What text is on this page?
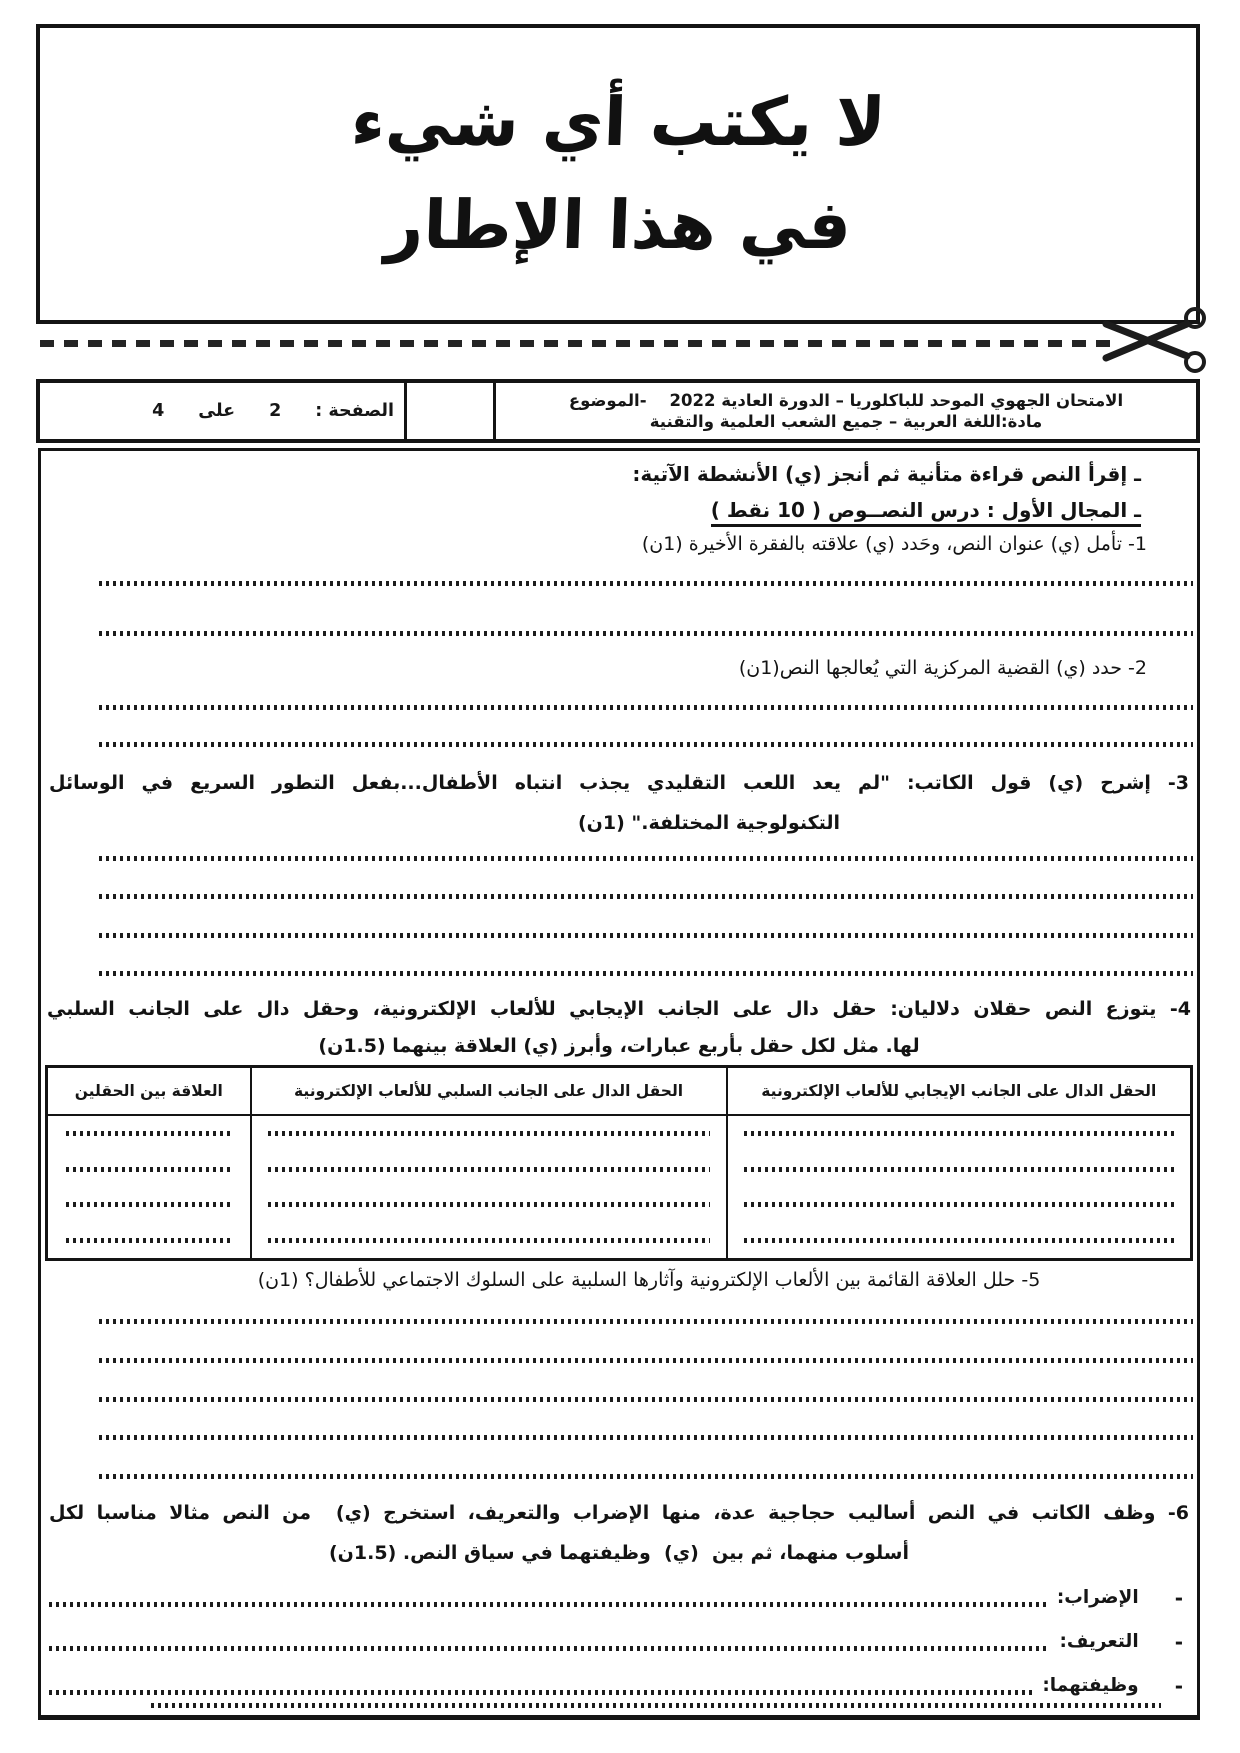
لا يكتب أي شيء
في هذا الإطار
الامتحان الجهوي الموحد للباكلوريا – الدورة العادية 2022    -الموضوع
مادة:اللغة العربية – جميع الشعب العلمية والتقنية
الصفحة :
2
على
4
ـ إقرأ النص قراءة متأنية ثم أنجز (ي) الأنشطة الآتية:
ـ المجال الأول : درس النصــوص ( 10 نقط )
1- تأمل (ي) عنوان النص، وحَدد (ي) علاقته بالفقرة الأخيرة (1ن)
2- حدد (ي) القضية المركزية التي يُعالجها النص(1ن)
3- إشرح (ي) قول الكاتب: "لم يعد اللعب التقليدي يجذب انتباه الأطفال...بفعل التطور السريع في الوسائل
التكنولوجية المختلفة." (1ن)
4- يتوزع النص حقلان دلاليان: حقل دال على الجانب الإيجابي للألعاب الإلكترونية، وحقل دال على الجانب السلبي
لها. مثل لكل حقل بأربع عبارات، وأبرز (ي) العلاقة بينهما (1.5ن)
الحقل الدال على الجانب الإيجابي للألعاب الإلكترونية
الحقل الدال على الجانب السلبي للألعاب الإلكترونية
العلاقة بين الحقلين
5- حلل العلاقة القائمة بين الألعاب الإلكترونية وآثارها السلبية على السلوك الاجتماعي للأطفال؟ (1ن)
6- وظف الكاتب في النص أساليب حجاجية عدة، منها الإضراب والتعريف، استخرج (ي)  من النص مثالا مناسبا لكل
أسلوب منهما، ثم بين  (ي)  وظيفتهما في سياق النص. (1.5ن)
-
الإضراب:
-
التعريف:
-
وظيفتهما:
